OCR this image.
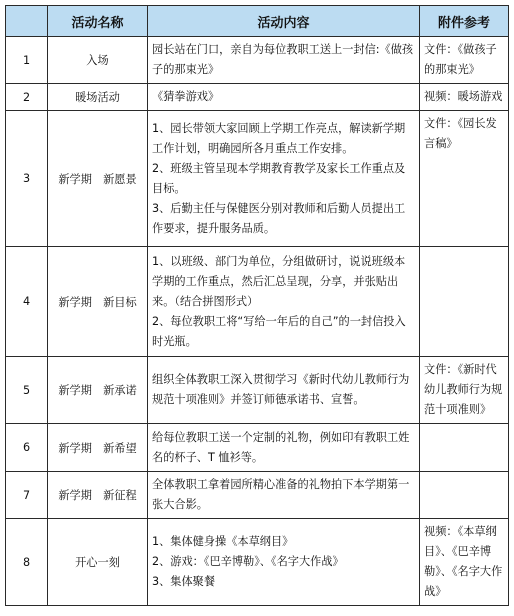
	活动名称	活动内容	附件参考
1	入场	园长站在门口，亲自为每位教职工送上一封信:《做孩子的那束光》	文件：《做孩子的那束光》
2	暖场活动	《猜拳游戏》	视频：暖场游戏
3	新学期　新愿景	1、园长带领大家回顾上学期工作亮点，解读新学期工作计划，明确园所各月重点工作安排。
2、班级主管呈现本学期教育教学及家长工作重点及目标。
3、后勤主任与保健医分别对教师和后勤人员提出工作要求，提升服务品质。	文件：《园长发言稿》
4	新学期　新目标	1、以班级、部门为单位，分组做研讨，说说班级本学期的工作重点，然后汇总呈现，分享，并张贴出来。（结合拼图形式）
2、每位教职工将“写给一年后的自己”的一封信投入时光瓶。	

5	新学期　新承诺	组织全体教职工深入贯彻学习《新时代幼儿教师行为规范十项准则》并签订师德承诺书、宣誓。	文件：《新时代幼儿教师行为规范十项准则》
6	新学期　新希望	给每位教职工送一个定制的礼物，例如印有教职工姓名的杯子、T 恤衫等。	

7	新学期　新征程	全体教职工拿着园所精心准备的礼物拍下本学期第一张大合影。	

8	开心一刻	1、集体健身操《本草纲目》
2、游戏：《巴辛博勒》、《名字大作战》
3、集体聚餐	视频：《本草纲目》、《巴辛博勒》、《名字大作战》
